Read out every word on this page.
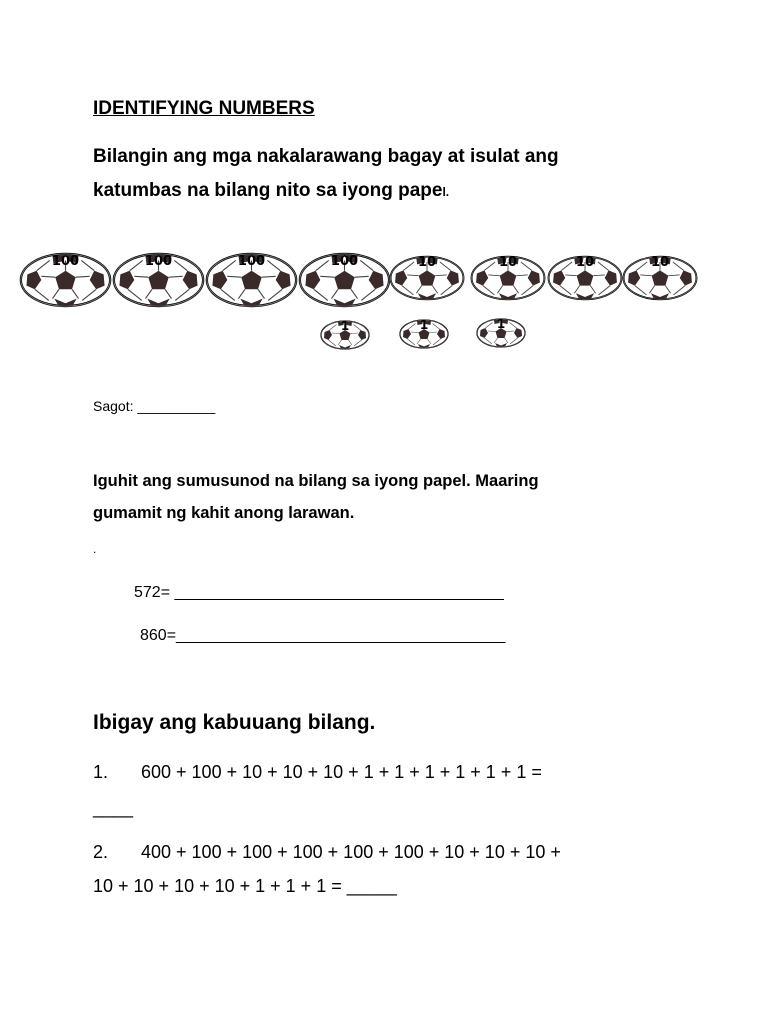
IDENTIFYING NUMBERS
Bilangin ang mga nakalarawang bagay at isulat ang
katumbas na bilang nito sa iyong papel.
100	100	100	100	10	10	10	10
1	1	1
Sagot: __________
Iguhit ang sumusunod na bilang sa iyong papel. Maaring
gumamit ng kahit anong larawan.
.
572= _____________________________________
860=_____________________________________
Ibigay ang kabuuang bilang.
1. 600 + 100 + 10 + 10 + 10 + 1 + 1 + 1 + 1 + 1 + 1 =
____
2. 400 + 100 + 100 + 100 + 100 + 100 + 10 + 10 + 10 +
10 + 10 + 10 + 10 + 1 + 1 + 1 = _____
